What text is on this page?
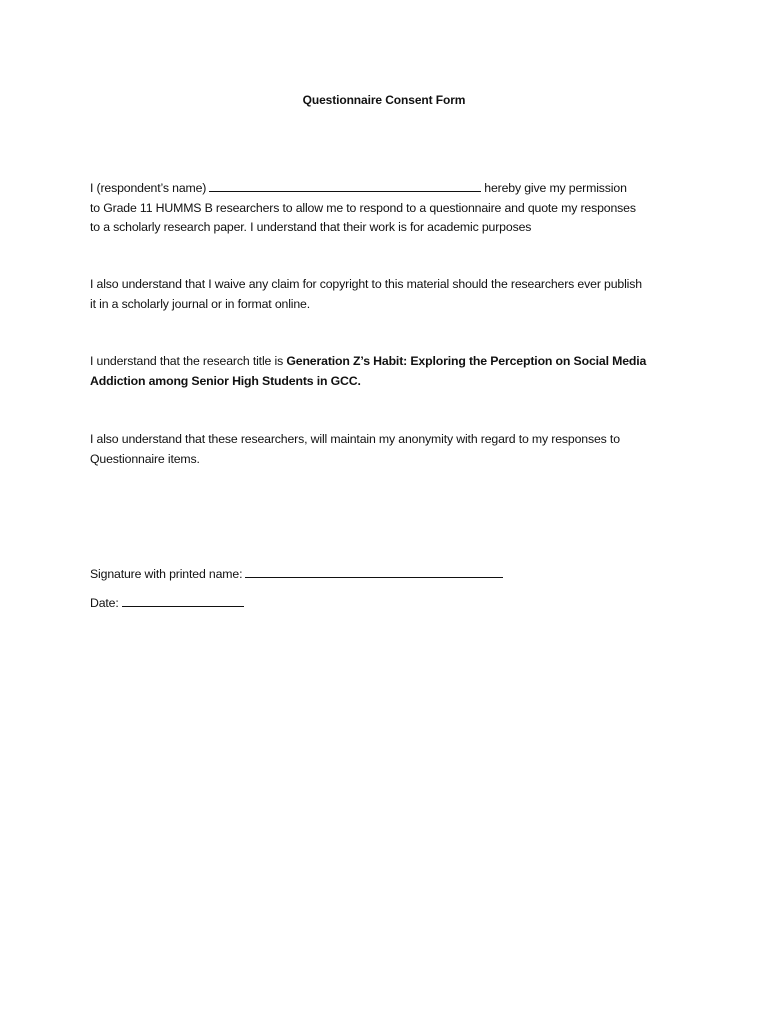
Questionnaire Consent Form
I (respondent’s name)	hereby give my permission
to Grade 11 HUMMS B researchers to allow me to respond to a questionnaire and quote my responses
to a scholarly research paper. I understand that their work is for academic purposes
I also understand that I waive any claim for copyright to this material should the researchers ever publish
it in a scholarly journal or in format online.
I understand that the research title is Generation Z’s Habit: Exploring the Perception on Social Media
Addiction among Senior High Students in GCC.
I also understand that these researchers, will maintain my anonymity with regard to my responses to
Questionnaire items.
Signature with printed name:
Date:
